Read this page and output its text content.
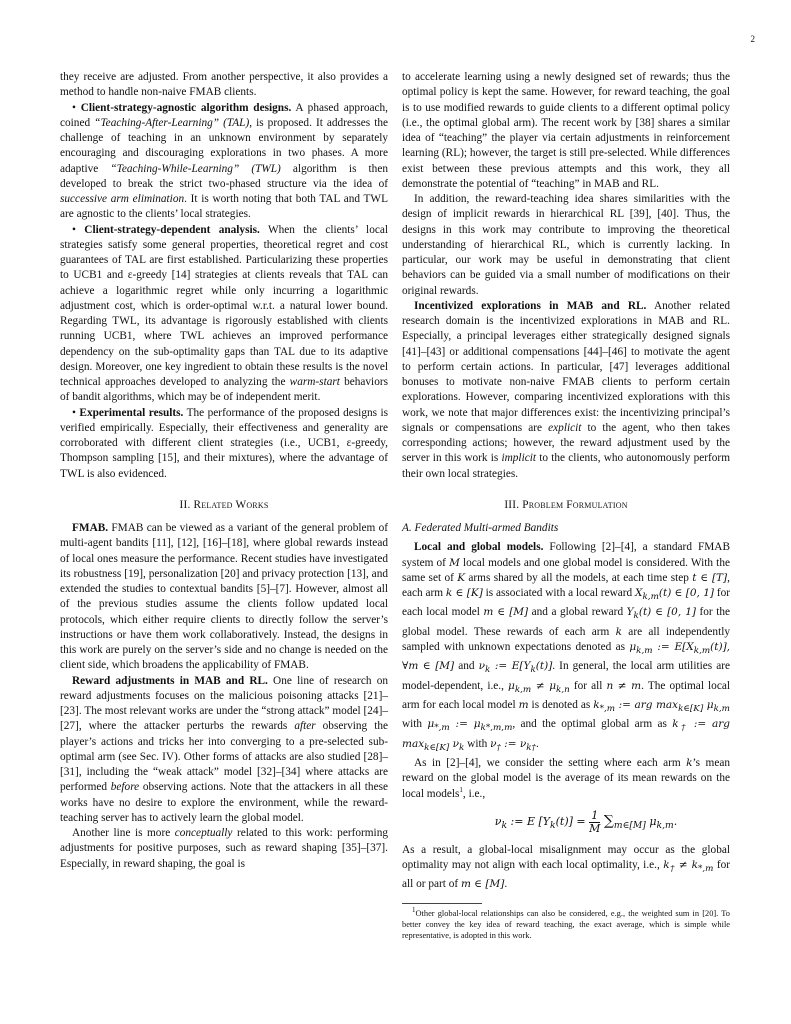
2

they receive are adjusted. From another perspective, it also provides a method to handle non-naive FMAB clients.

• Client-strategy-agnostic algorithm designs. A phased approach, coined “Teaching-After-Learning” (TAL), is proposed. It addresses the challenge of teaching in an unknown environment by separately encouraging and discouraging explorations in two phases. A more adaptive “Teaching-While-Learning” (TWL) algorithm is then developed to break the strict two-phased structure via the idea of successive arm elimination. It is worth noting that both TAL and TWL are agnostic to the clients’ local strategies.

• Client-strategy-dependent analysis. When the clients’ local strategies satisfy some general properties, theoretical regret and cost guarantees of TAL are first established. Particularizing these properties to UCB1 and ε-greedy [14] strategies at clients reveals that TAL can achieve a logarithmic regret while only incurring a logarithmic adjustment cost, which is order-optimal w.r.t. a natural lower bound. Regarding TWL, its advantage is rigorously established with clients running UCB1, where TWL achieves an improved performance dependency on the sub-optimality gaps than TAL due to its adaptive design. Moreover, one key ingredient to obtain these results is the novel technical approaches developed to analyzing the warm-start behaviors of bandit algorithms, which may be of independent merit.

• Experimental results. The performance of the proposed designs is verified empirically. Especially, their effectiveness and generality are corroborated with different client strategies (i.e., UCB1, ε-greedy, Thompson sampling [15], and their mixtures), where the advantage of TWL is also evidenced.

II. Related Works

FMAB. FMAB can be viewed as a variant of the general problem of multi-agent bandits [11], [12], [16]–[18], where global rewards instead of local ones measure the performance. Recent studies have investigated its robustness [19], personalization [20] and privacy protection [13], and extended the studies to contextual bandits [5]–[7]. However, almost all of the previous studies assume the clients follow updated local protocols, which either require clients to directly follow the server’s instructions or have them work collaboratively. Instead, the designs in this work are purely on the server’s side and no change is needed on the client side, which broadens the applicability of FMAB.

Reward adjustments in MAB and RL. One line of research on reward adjustments focuses on the malicious poisoning attacks [21]–[23]. The most relevant works are under the “strong attack” model [24]–[27], where the attacker perturbs the rewards after observing the player’s actions and tricks her into converging to a pre-selected sub-optimal arm (see Sec. IV). Other forms of attacks are also studied [28]–[31], including the “weak attack” model [32]–[34] where attacks are performed before observing actions. Note that the attackers in all these works have no desire to explore the environment, while the reward-teaching server has to actively learn the global model.

Another line is more conceptually related to this work: performing adjustments for positive purposes, such as reward shaping [35]–[37]. Especially, in reward shaping, the goal is

to accelerate learning using a newly designed set of rewards; thus the optimal policy is kept the same. However, for reward teaching, the goal is to use modified rewards to guide clients to a different optimal policy (i.e., the optimal global arm). The recent work by [38] shares a similar idea of “teaching” the player via certain adjustments in reinforcement learning (RL); however, the target is still pre-selected. While differences exist between these previous attempts and this work, they all demonstrate the potential of “teaching” in MAB and RL.

In addition, the reward-teaching idea shares similarities with the design of implicit rewards in hierarchical RL [39], [40]. Thus, the designs in this work may contribute to improving the theoretical understanding of hierarchical RL, which is currently lacking. In particular, our work may be useful in demonstrating that client behaviors can be guided via a small number of modifications on their original rewards.

Incentivized explorations in MAB and RL. Another related research domain is the incentivized explorations in MAB and RL. Especially, a principal leverages either strategically designed signals [41]–[43] or additional compensations [44]–[46] to motivate the agent to perform certain actions. In particular, [47] leverages additional bonuses to motivate non-naive FMAB clients to perform certain explorations. However, comparing incentivized explorations with this work, we note that major differences exist: the incentivizing principal’s signals or compensations are explicit to the agent, who then takes corresponding actions; however, the reward adjustment used by the server in this work is implicit to the clients, who autonomously perform their own local strategies.

III. Problem Formulation
A. Federated Multi-armed Bandits

Local and global models. Following [2]–[4], a standard FMAB system of M local models and one global model is considered. With the same set of K arms shared by all the models, at each time step t ∈ [T], each arm k ∈ [K] is associated with a local reward $X_{k,m}(t)$ ∈ [0, 1] for each local model m ∈ [M] and a global reward $Y_k(t)$ ∈ [0, 1] for the global model. These rewards of each arm k are all independently sampled with unknown expectations denoted as $\mu_{k,m}$ := $E[X_{k,m}(t)]$, ∀m ∈ [M] and $\nu_k$ := $E[Y_k(t)]$. In general, the local arm utilities are model-dependent, i.e., $\mu_{k,m} \ne \mu_{k,n}$ for all n ≠ m. The optimal local arm for each local model m is denoted as $k_{*,m}$ := arg $\max_{k\in[K]} \mu_{k,m}$ with $\mu_{*,m}$ := $\mu_{k*,m,m}$, and the optimal global arm as $k_\dagger$ := arg $\max_{k\in[K]} \nu_k$ with $\nu_\dagger$ := $\nu_{k\dagger}$.

As in [2]–[4], we consider the setting where each arm k’s mean reward on the global model is the average of its mean rewards on the local models$^1$, i.e.,

$\nu_k$ := E $[Y_k(t)] = \frac{1}{M} \sum_{m\in[M]}$ $\mu_{k,m}$.

As a result, a global-local misalignment may occur as the global optimality may not align with each local optimality, i.e., $k_\dagger \ne k_{*,m}$ for all or part of m ∈ [M].

$^1$Other global-local relationships can also be considered, e.g., the weighted sum in [20]. To better convey the key idea of reward teaching, the exact average, which is simple while representative, is adopted in this work.
